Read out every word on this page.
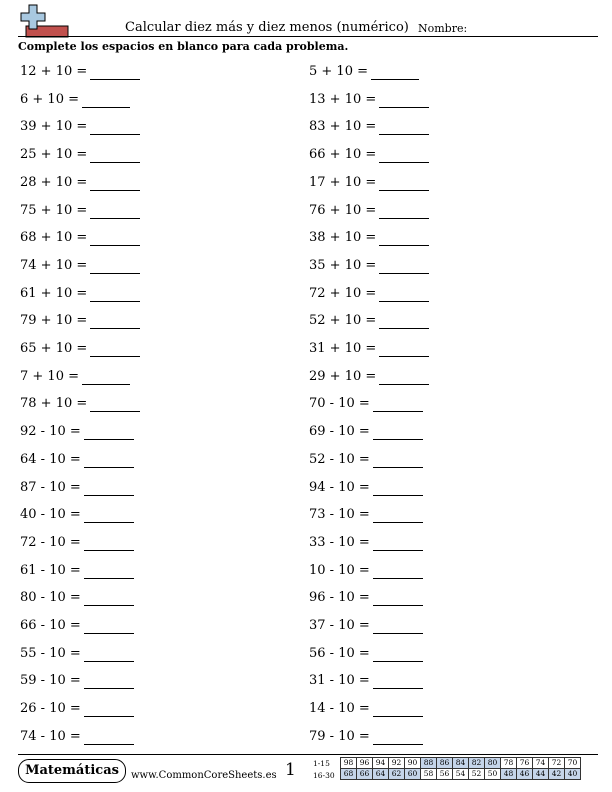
Calcular diez más y diez menos (numérico) Nombre:
Complete los espacios en blanco para cada problema.
12 + 10 =
6 + 10 =
39 + 10 =
25 + 10 =
28 + 10 =
75 + 10 =
68 + 10 =
74 + 10 =
61 + 10 =
79 + 10 =
65 + 10 =
7 + 10 =
78 + 10 =
92 - 10 =
64 - 10 =
87 - 10 =
40 - 10 =
72 - 10 =
61 - 10 =
80 - 10 =
66 - 10 =
55 - 10 =
59 - 10 =
26 - 10 =
74 - 10 =
5 + 10 =
13 + 10 =
83 + 10 =
66 + 10 =
17 + 10 =
76 + 10 =
38 + 10 =
35 + 10 =
72 + 10 =
52 + 10 =
31 + 10 =
29 + 10 =
70 - 10 =
69 - 10 =
52 - 10 =
94 - 10 =
73 - 10 =
33 - 10 =
10 - 10 =
96 - 10 =
37 - 10 =
56 - 10 =
31 - 10 =
14 - 10 =
79 - 10 =
Matemáticas	www.CommonCoreSheets.es 1 1-15
16-30
98	96	94	92	90	88	86	84	82	80	78	76	74	72	70
68	66	64	62	60	58	56	54	52	50	48	46	44	42	40
